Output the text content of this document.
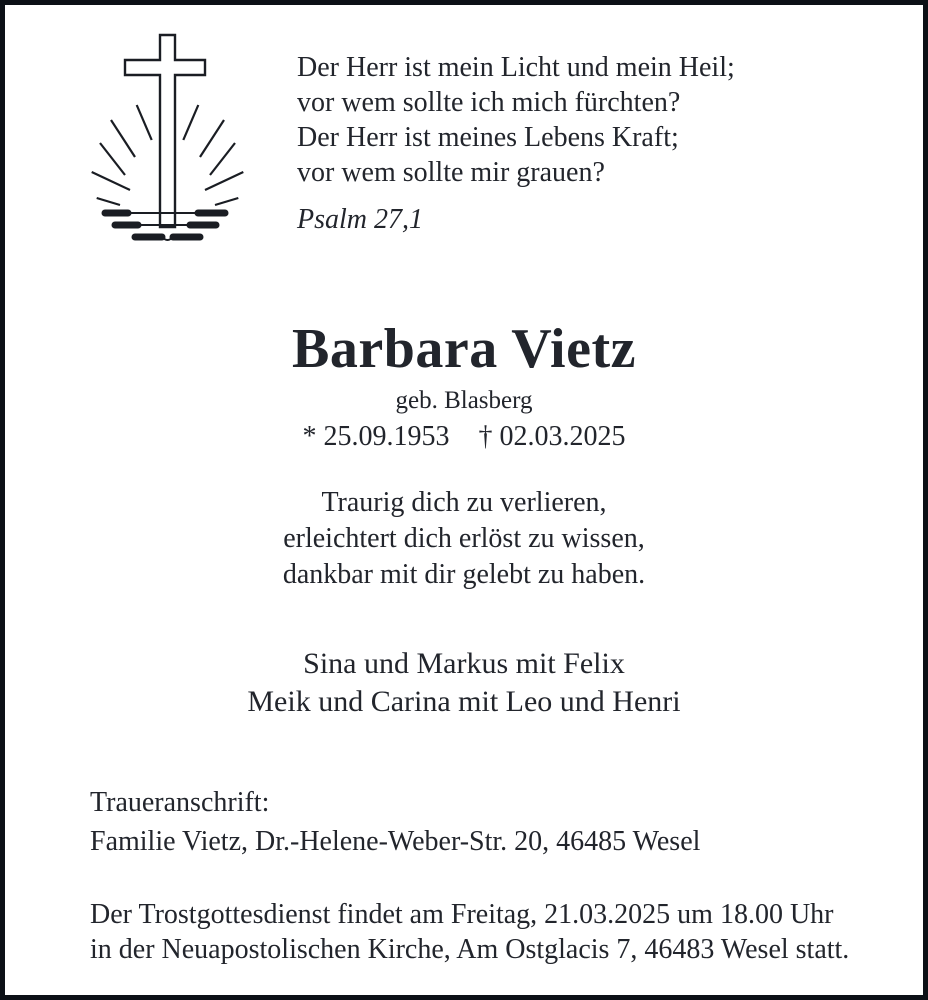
Der Herr ist mein Licht und mein Heil;
vor wem sollte ich mich fürchten?
Der Herr ist meines Lebens Kraft;
vor wem sollte mir grauen?
Psalm 27,1
Barbara Vietz
geb. Blasberg
* 25.09.1953 † 02.03.2025
Traurig dich zu verlieren,
erleichtert dich erlöst zu wissen,
dankbar mit dir gelebt zu haben.
Sina und Markus mit Felix
Meik und Carina mit Leo und Henri
Traueranschrift:
Familie Vietz, Dr.-Helene-Weber-Str. 20, 46485 Wesel
Der Trostgottesdienst findet am Freitag, 21.03.2025 um 18.00 Uhr
in der Neuapostolischen Kirche, Am Ostglacis 7, 46483 Wesel statt.
